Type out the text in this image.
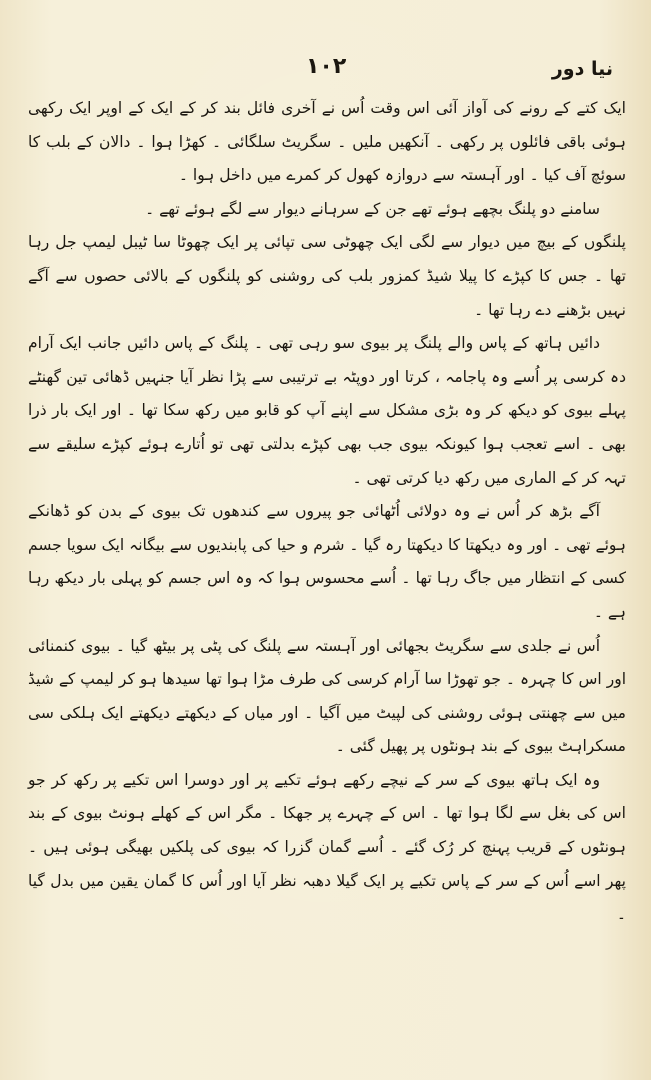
نیا دور
۱۰۲

ایک کتے کے رونے کی آواز آئی اس وقت اُس نے آخری فائل بند کر کے ایک کے اوپر ایک رکھی ہوئی باقی فائلوں پر رکھی ۔ آنکھیں ملیں ۔ سگریٹ سلگائی ۔ کھڑا ہوا ۔ دالان کے بلب کا سوئچ آف کیا ۔ اور آہستہ سے دروازہ کھول کر کمرے میں داخل ہوا ۔

سامنے دو پلنگ بچھے ہوئے تھے جن کے سرہانے دیوار سے لگے ہوئے تھے ۔

پلنگوں کے بیچ میں دیوار سے لگی ایک چھوٹی سی تپائی پر ایک چھوٹا سا ٹیبل لیمپ جل رہا تھا ۔ جس کا کپڑے کا پیلا شیڈ کمزور بلب کی روشنی کو پلنگوں کے بالائی حصوں سے آگے نہیں بڑھنے دے رہا تھا ۔

دائیں ہاتھ کے پاس والے پلنگ پر بیوی سو رہی تھی ۔ پلنگ کے پاس دائیں جانب ایک آرام دہ کرسی پر اُسے وہ پاجامہ ، کرتا اور دوپٹہ بے ترتیبی سے پڑا نظر آیا جنہیں ڈھائی تین گھنٹے پہلے بیوی کو دیکھ کر وہ بڑی مشکل سے اپنے آپ کو قابو میں رکھ سکا تھا ۔ اور ایک بار ذرا بھی ۔ اسے تعجب ہوا کیونکہ بیوی جب بھی کپڑے بدلتی تھی تو اُتارے ہوئے کپڑے سلیقے سے تہہ کر کے الماری میں رکھ دیا کرتی تھی ۔

آگے بڑھ کر اُس نے وہ دولائی اُٹھائی جو پیروں سے کندھوں تک بیوی کے بدن کو ڈھانکے ہوئے تھی ۔ اور وہ دیکھتا کا دیکھتا رہ گیا ۔ شرم و حیا کی پابندیوں سے بیگانہ ایک سویا جسم کسی کے انتظار میں جاگ رہا تھا ۔ اُسے محسوس ہوا کہ وہ اس جسم کو پہلی بار دیکھ رہا ہے ۔

اُس نے جلدی سے سگریٹ بجھائی اور آہستہ سے پلنگ کی پٹی پر بیٹھ گیا ۔ بیوی کنمنائی اور اس کا چہرہ ۔ جو تھوڑا سا آرام کرسی کی طرف مڑا ہوا تھا سیدھا ہو کر لیمپ کے شیڈ میں سے چھنتی ہوئی روشنی کی لپیٹ میں آگیا ۔ اور میاں کے دیکھتے دیکھتے ایک ہلکی سی مسکراہٹ بیوی کے بند ہونٹوں پر پھیل گئی ۔

وہ ایک ہاتھ بیوی کے سر کے نیچے رکھے ہوئے تکیے پر اور دوسرا اس تکیے پر رکھ کر جو اس کی بغل سے لگا ہوا تھا ۔ اس کے چہرے پر جھکا ۔ مگر اس کے کھلے ہونٹ بیوی کے بند ہونٹوں کے قریب پہنچ کر رُک گئے ۔ اُسے گمان گزرا کہ بیوی کی پلکیں بھیگی ہوئی ہیں ۔ پھر اسے اُس کے سر کے پاس تکیے پر ایک گیلا دھبہ نظر آیا اور اُس کا گمان یقین میں بدل گیا ۔
